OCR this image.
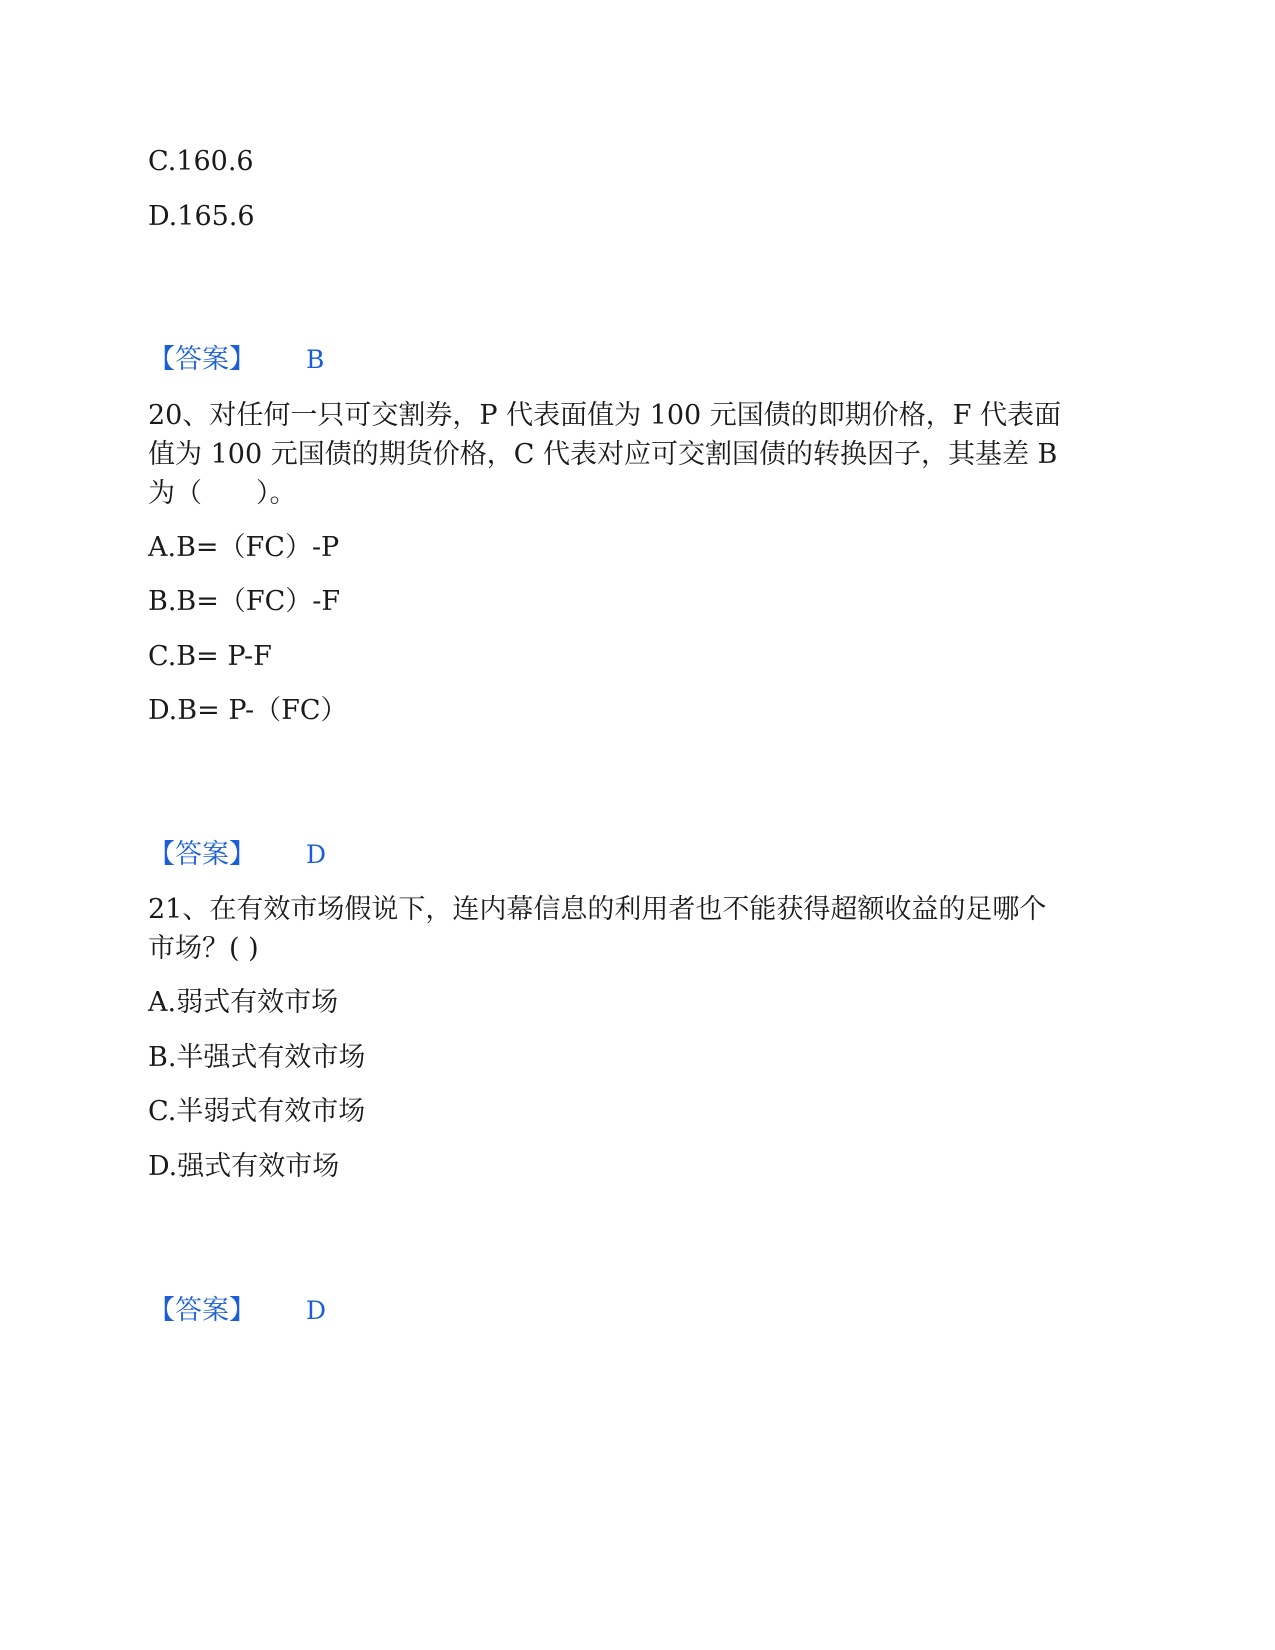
C.160.6
D.165.6
【答案】 B
20、对任何一只可交割券，P 代表面值为 100 元国债的即期价格，F 代表面
值为 100 元国债的期货价格，C 代表对应可交割国债的转换因子，其基差 B
为（　　）。
A.B=（FC）-P
B.B=（FC）-F
C.B= P-F
D.B= P-（FC）
【答案】 D
21、在有效市场假说下，连内幕信息的利用者也不能获得超额收益的足哪个
市场？( )
A.弱式有效市场
B.半强式有效市场
C.半弱式有效市场
D.强式有效市场
【答案】 D
